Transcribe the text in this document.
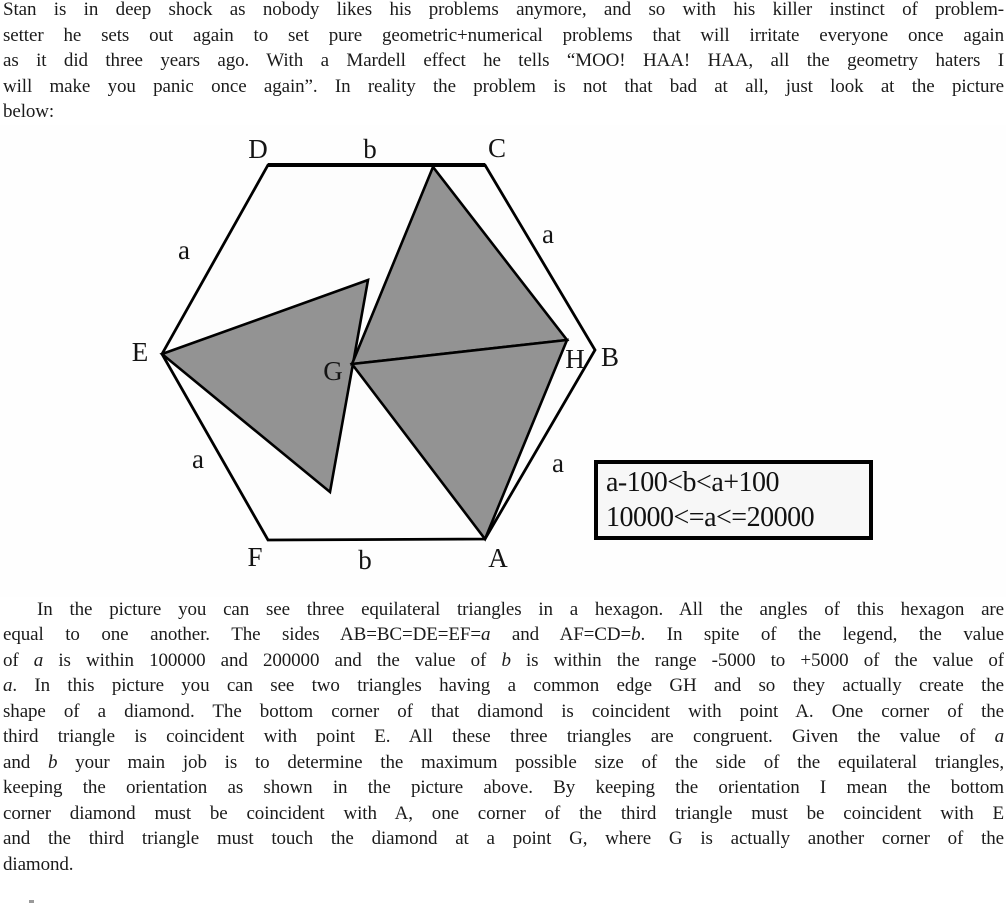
Stan is in deep shock as nobody likes his problems anymore, and so with his killer instinct of problem-
setter he sets out again to set pure geometric+numerical problems that will irritate everyone once again
as it did three years ago. With a Mardell effect he tells “MOO! HAA! HAA, all the geometry haters I
will make you panic once again”. In reality the problem is not that bad at all, just look at the picture
below:
D	b	C
a
a
E
G	H B
a	a
F	b	A
a-100<b<a+100
10000<=a<=20000
In the picture you can see three equilateral triangles in a hexagon. All the angles of this hexagon are
equal to one another. The sides AB=BC=DE=EF=a and AF=CD=b. In spite of the legend, the value
of a is within 100000 and 200000 and the value of b is within the range -5000 to +5000 of the value of
a. In this picture you can see two triangles having a common edge GH and so they actually create the
shape of a diamond. The bottom corner of that diamond is coincident with point A. One corner of the
third triangle is coincident with point E. All these three triangles are congruent. Given the value of a
and b your main job is to determine the maximum possible size of the side of the equilateral triangles,
keeping the orientation as shown in the picture above. By keeping the orientation I mean the bottom
corner diamond must be coincident with A, one corner of the third triangle must be coincident with E
and the third triangle must touch the diamond at a point G, where G is actually another corner of the
diamond.
